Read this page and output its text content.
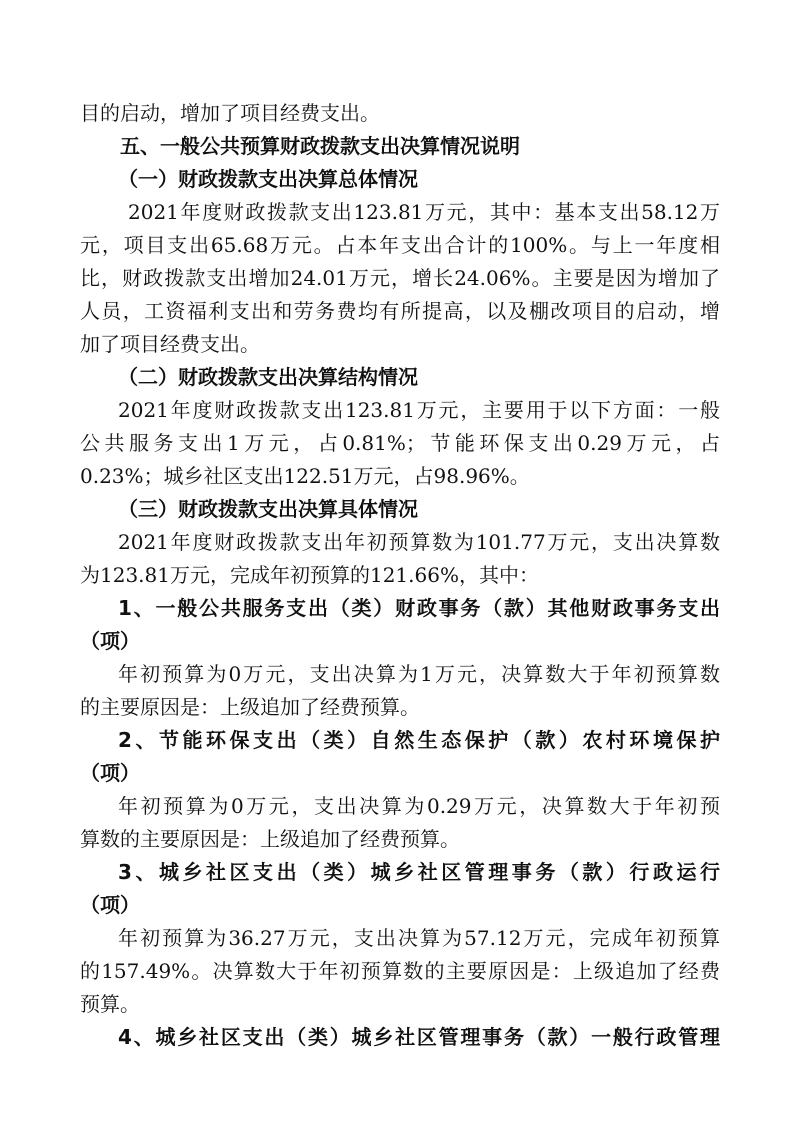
目的启动，增加了项目经费支出。
五、一般公共预算财政拨款支出决算情况说明
（一）财政拨款支出决算总体情况
2021年度财政拨款支出123.81万元，其中：基本支出58.12万
元，项目支出65.68万元。占本年支出合计的100%。与上一年度相
比，财政拨款支出增加24.01万元，增长24.06%。主要是因为增加了
人员，工资福利支出和劳务费均有所提高，以及棚改项目的启动，增
加了项目经费支出。
（二）财政拨款支出决算结构情况
2021年度财政拨款支出123.81万元，主要用于以下方面：一般
公共服务支出1万元，占0.81%；节能环保支出0.29万元，占
0.23%；城乡社区支出122.51万元，占98.96%。
（三）财政拨款支出决算具体情况
2021年度财政拨款支出年初预算数为101.77万元，支出决算数
为123.81万元，完成年初预算的121.66%，其中：
1、一般公共服务支出（类）财政事务（款）其他财政事务支出
（项）
年初预算为0万元，支出决算为1万元，决算数大于年初预算数
的主要原因是：上级追加了经费预算。
2、节能环保支出（类）自然生态保护（款）农村环境保护
（项）
年初预算为0万元，支出决算为0.29万元，决算数大于年初预
算数的主要原因是：上级追加了经费预算。
3、城乡社区支出（类）城乡社区管理事务（款）行政运行
（项）
年初预算为36.27万元，支出决算为57.12万元，完成年初预算
的157.49%。决算数大于年初预算数的主要原因是：上级追加了经费
预算。
4、城乡社区支出（类）城乡社区管理事务（款）一般行政管理
